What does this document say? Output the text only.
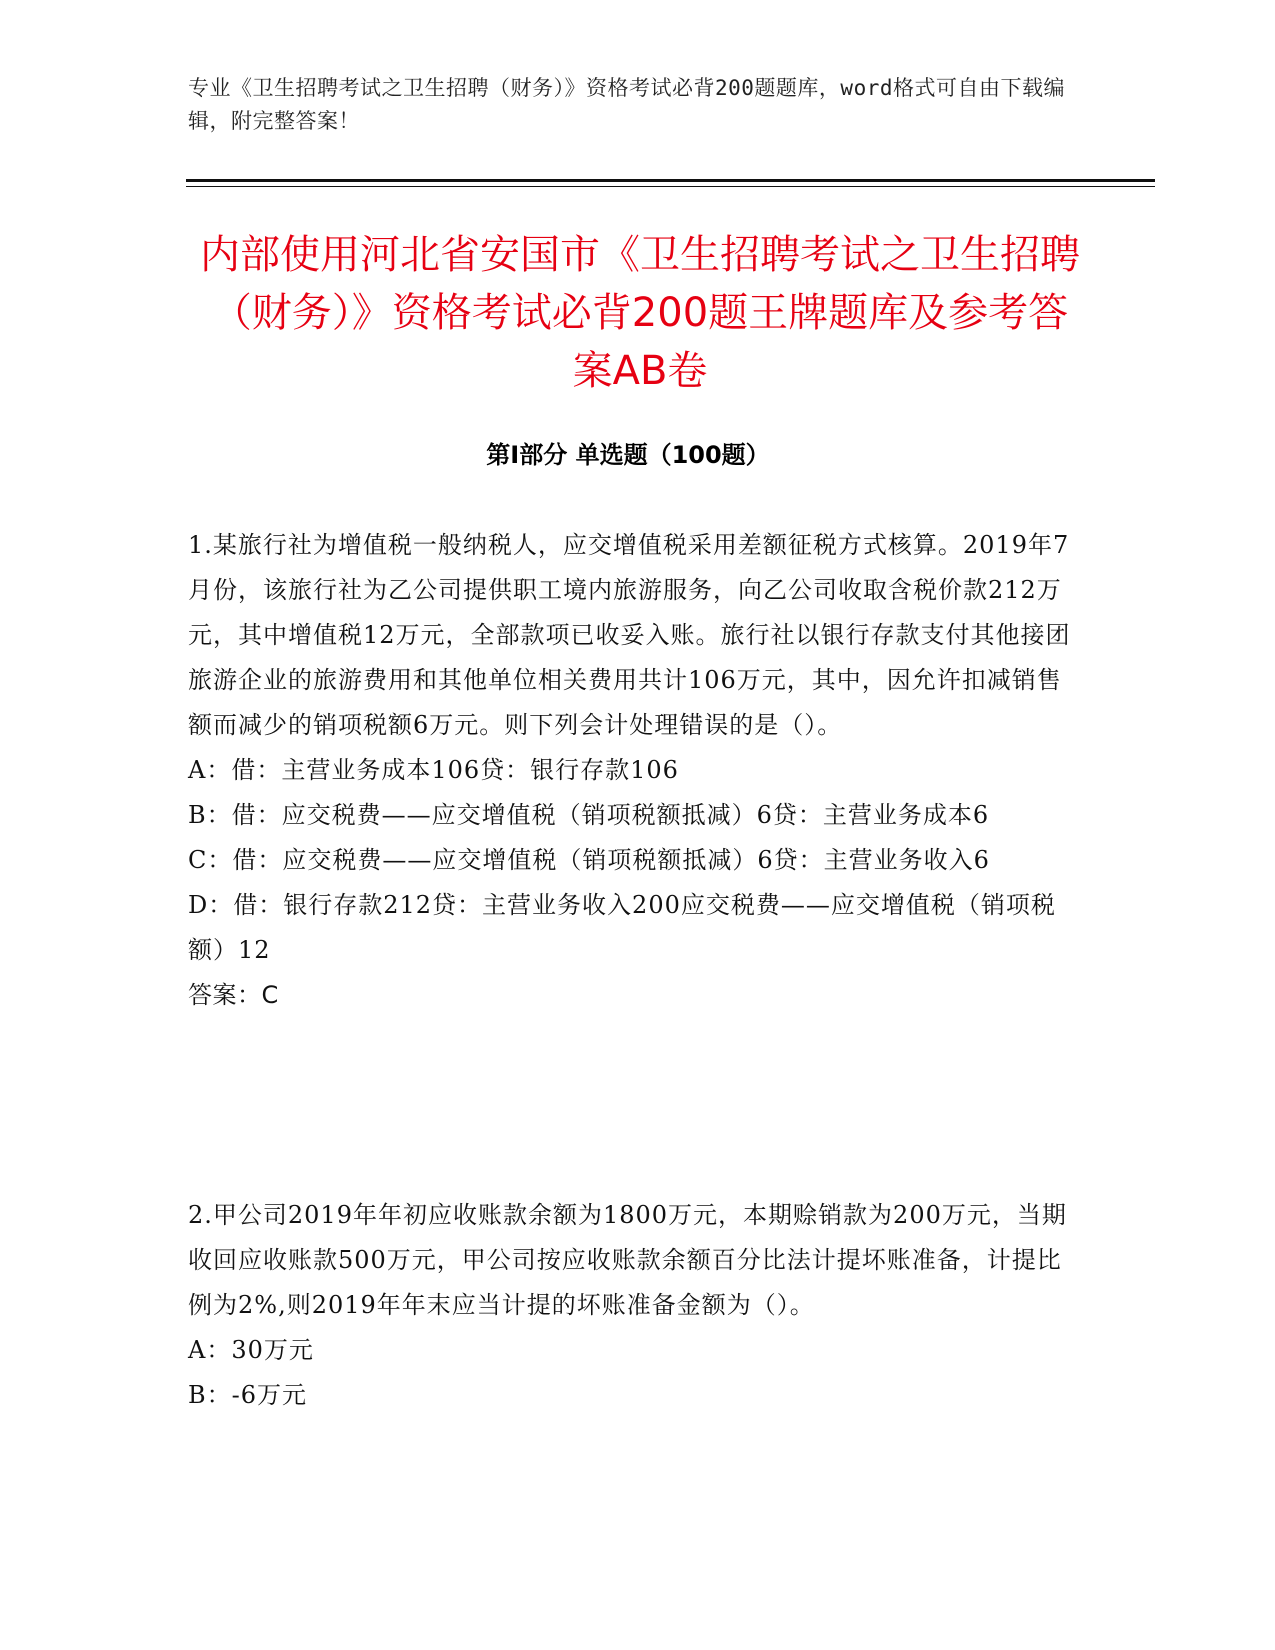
专业《卫生招聘考试之卫生招聘（财务）》资格考试必背200题题库，word格式可自由下载编辑，附完整答案！
内部使用河北省安国市《卫生招聘考试之卫生招聘（财务）》资格考试必背200题王牌题库及参考答案AB卷
第Ⅰ部分 单选题（100题）

1.某旅行社为增值税一般纳税人，应交增值税采用差额征税方式核算。2019年7月份，该旅行社为乙公司提供职工境内旅游服务，向乙公司收取含税价款212万元，其中增值税12万元，全部款项已收妥入账。旅行社以银行存款支付其他接团旅游企业的旅游费用和其他单位相关费用共计106万元，其中，因允许扣减销售额而减少的销项税额6万元。则下列会计处理错误的是（）。

A：借：主营业务成本106贷：银行存款106

B：借：应交税费——应交增值税（销项税额抵减）6贷：主营业务成本6

C：借：应交税费——应交增值税（销项税额抵减）6贷：主营业务收入6

D：借：银行存款212贷：主营业务收入200应交税费——应交增值税（销项税额）12

答案：C

2.甲公司2019年年初应收账款余额为1800万元，本期赊销款为200万元，当期收回应收账款500万元，甲公司按应收账款余额百分比法计提坏账准备，计提比例为2%,则2019年年末应当计提的坏账准备金额为（）。

A：30万元

B：-6万元
